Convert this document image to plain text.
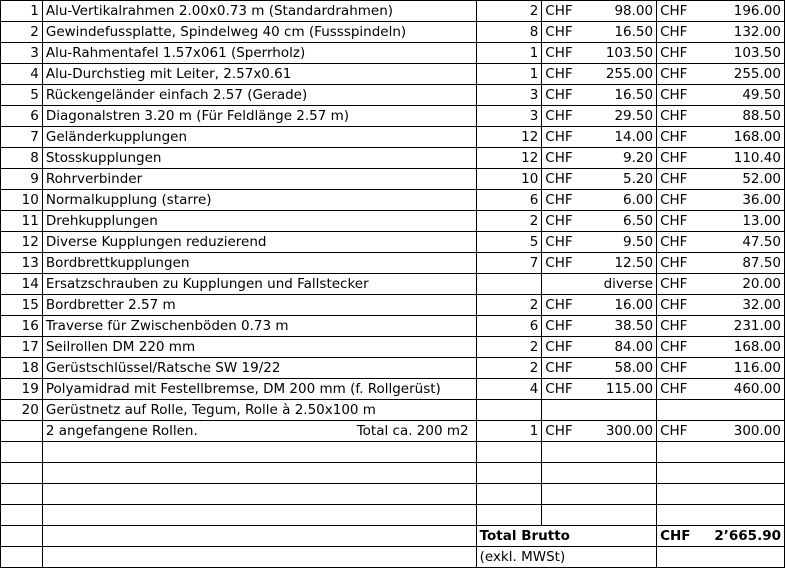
1	Alu-Vertikalrahmen 2.00x0.73 m (Standardrahmen)	2	CHF	98.00	CHF	196.00
2	Gewindefussplatte, Spindelweg 40 cm (Fussspindeln)	8	CHF	16.50	CHF	132.00
3	Alu-Rahmentafel 1.57x061 (Sperrholz)	1	CHF	103.50	CHF	103.50
4	Alu-Durchstieg mit Leiter, 2.57x0.61	1	CHF	255.00	CHF	255.00
5	Rückengeländer einfach 2.57 (Gerade)	3	CHF	16.50	CHF	49.50
6	Diagonalstren 3.20 m (Für Feldlänge 2.57 m)	3	CHF	29.50	CHF	88.50
7	Geländerkupplungen	12	CHF	14.00	CHF	168.00
8	Stosskupplungen	12	CHF	9.20	CHF	110.40
9	Rohrverbinder	10	CHF	5.20	CHF	52.00
10	Normalkupplung (starre)	6	CHF	6.00	CHF	36.00
11	Drehkupplungen	2	CHF	6.50	CHF	13.00
12	Diverse Kupplungen reduzierend	5	CHF	9.50	CHF	47.50
13	Bordbrettkupplungen	7	CHF	12.50	CHF	87.50
14	Ersatzschrauben zu Kupplungen und Fallstecker			diverse	CHF	20.00
15	Bordbretter 2.57 m	2	CHF	16.00	CHF	32.00
16	Traverse für Zwischenböden 0.73 m	6	CHF	38.50	CHF	231.00
17	Seilrollen DM 220 mm	2	CHF	84.00	CHF	168.00
18	Gerüstschlüssel/Ratsche SW 19/22	2	CHF	58.00	CHF	116.00
19	Polyamidrad mit Festellbremse, DM 200 mm (f. Rollgerüst)	4	CHF	115.00	CHF	460.00
20	Gerüstnetz auf Rolle, Tegum, Rolle à 2.50x100 m					
	2 angefangene Rollen. Total ca. 200 m2	1	CHF	300.00	CHF	300.00

		Total Brutto			CHF	2’665.90
		(exkl. MWSt)				
